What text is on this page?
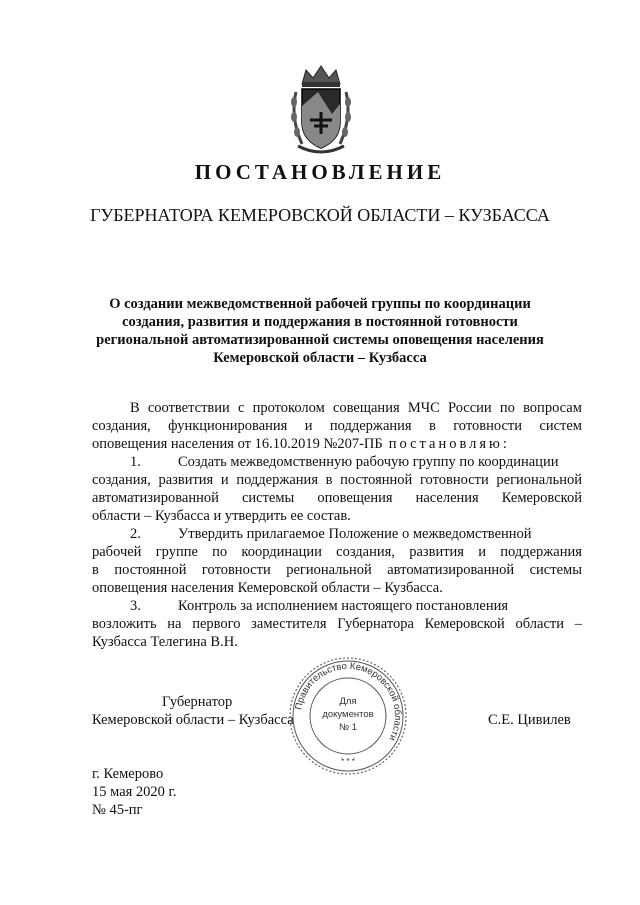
ПОСТАНОВЛЕНИЕ
ГУБЕРНАТОРА КЕМЕРОВСКОЙ ОБЛАСТИ – КУЗБАССА
О создании межведомственной рабочей группы по координации
создания, развития и поддержания в постоянной готовности
региональной автоматизированной системы оповещения населения
Кемеровской области – Кузбасса
В соответствии с протоколом совещания МЧС России по вопросам
создания, функционирования и поддержания в готовности систем
оповещения населения от 16.10.2019 №207-ПБ постановляю:
1.	Создать межведомственную рабочую группу по координации
создания, развития и поддержания в постоянной готовности региональной
автоматизированной системы оповещения населения Кемеровской
области – Кузбасса и утвердить ее состав.
2.	Утвердить прилагаемое Положение о межведомственной
рабочей группе по координации создания, развития и поддержания
в постоянной готовности региональной автоматизированной системы
оповещения населения Кемеровской области – Кузбасса.
3.	Контроль за исполнением настоящего постановления
возложить на первого заместителя Губернатора Кемеровской области –
Кузбасса Телегина В.Н.
Губернатор
Кемеровской области – Кузбасса	С.Е. Цивилев
Правительство Кемеровской области
Для
документов
№ 1
* * *
г. Кемерово
15 мая 2020 г.
№ 45-пг
